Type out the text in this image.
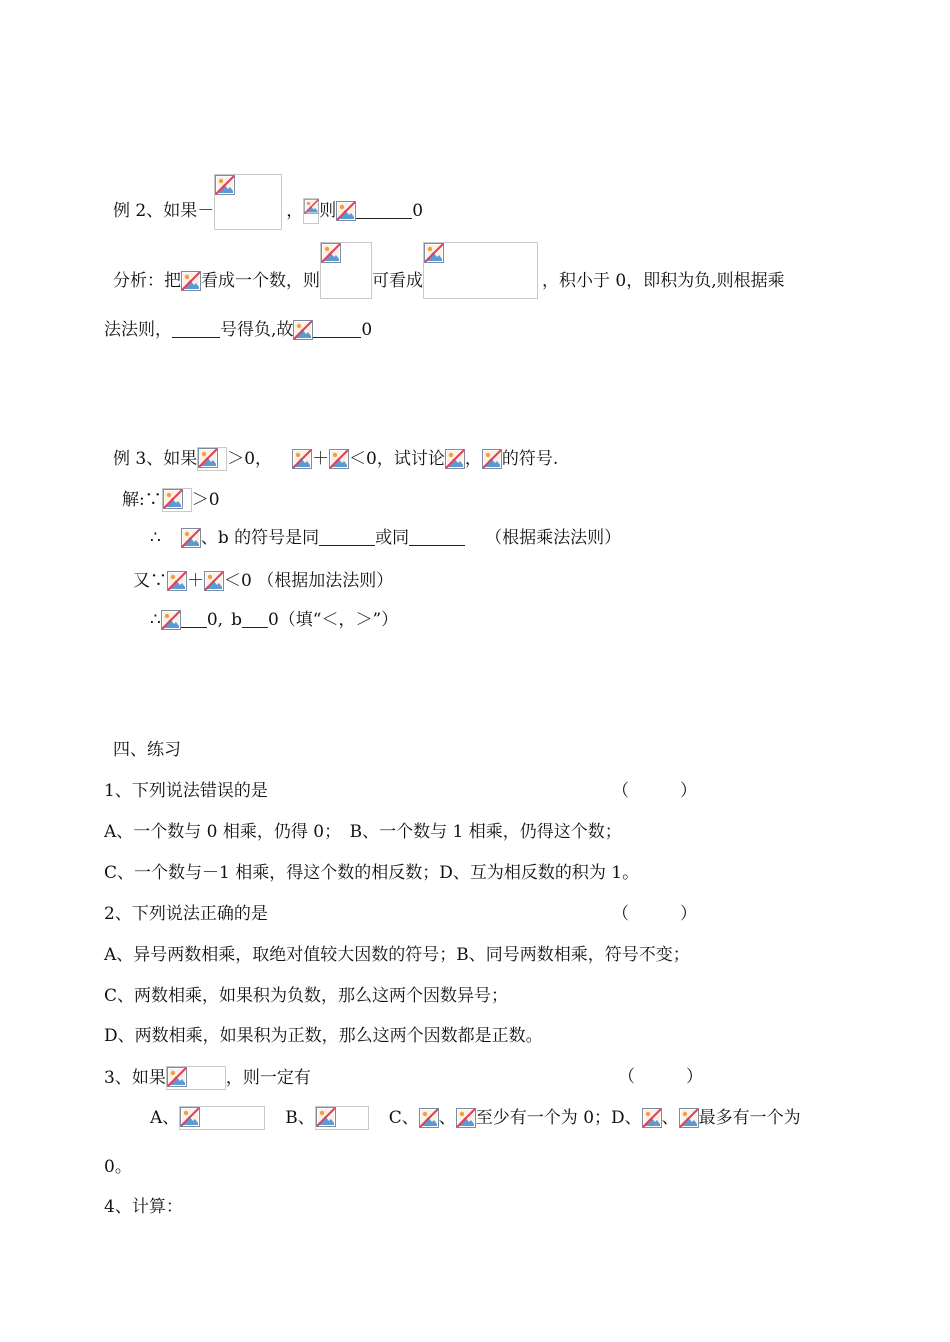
例 2、如果－	， 则	0
分析：把 看成一个数，则	可看成	，积小于 0，即积为负,则根据乘
法法则，	号得负,故	0
例 3、如果 ＞0， ＋ ＜0，试讨论 ， 的符号.
解:∵ ＞0
∴ 、b 的符号是同	或同	（根据乘法法则）
又∵ ＋ ＜0 （根据加法法则）
∴	0, b 0（填“＜，＞”）
四、练习
1、下列说法错误的是	（　　　）
A、一个数与 0 相乘，仍得 0；　B、一个数与 1 相乘，仍得这个数；
C、一个数与－1 相乘，得这个数的相反数；D、互为相反数的积为 1。
2、下列说法正确的是	（　　　）
A、异号两数相乘，取绝对值较大因数的符号；B、同号两数相乘，符号不变；
C、两数相乘，如果积为负数，那么这两个因数异号；
D、两数相乘，如果积为正数，那么这两个因数都是正数。
3、如果	，则一定有	（　　　）
A、	B、	C、 、 至少有一个为 0；D、 、 最多有一个为
0。
4、计算：
